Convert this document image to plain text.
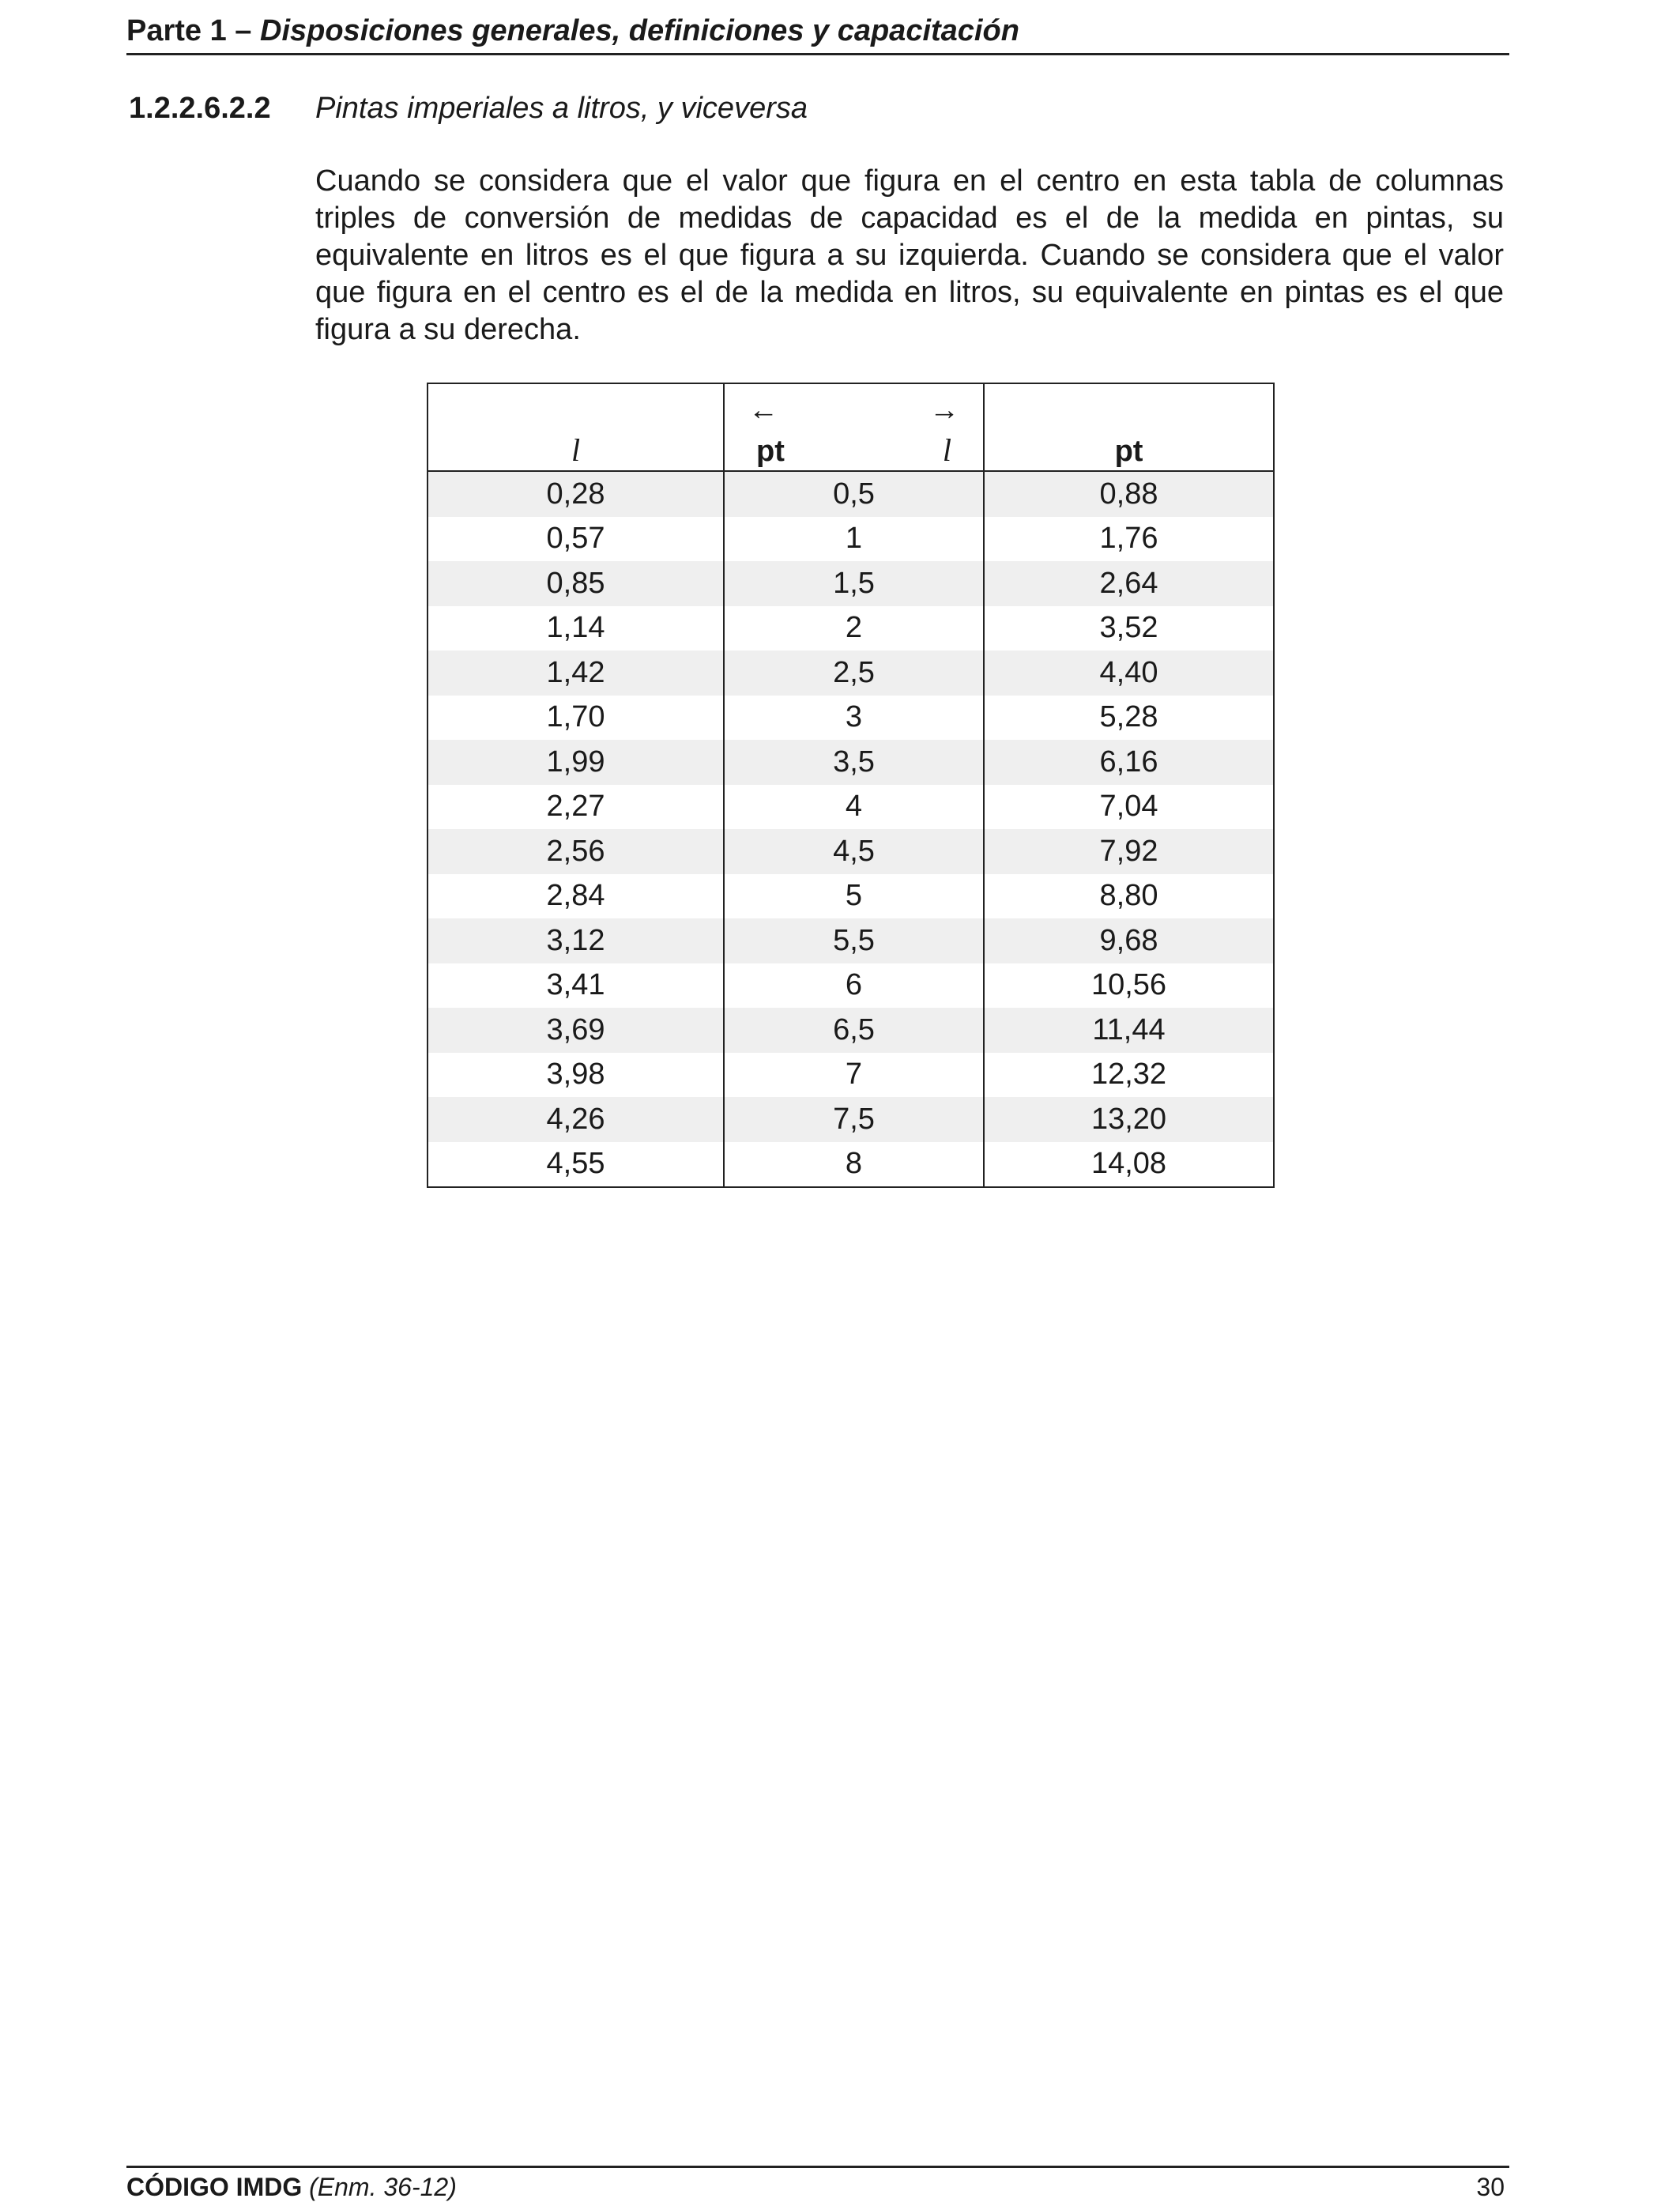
Parte 1 – Disposiciones generales, definiciones y capacitación
1.2.2.6.2.2 Pintas imperiales a litros, y viceversa
Cuando se considera que el valor que figura en el centro en esta tabla de columnas triples de conversión de medidas de capacidad es el de la medida en pintas, su equivalente en litros es el que figura a su izquierda. Cuando se considera que el valor que figura en el centro es el de la medida en litros, su equivalente en pintas es el que figura a su derecha.
l	← →
pt l	pt

0,28	0,5	0,88
0,57	1	1,76
0,85	1,5	2,64
1,14	2	3,52
1,42	2,5	4,40
1,70	3	5,28
1,99	3,5	6,16
2,27	4	7,04
2,56	4,5	7,92
2,84	5	8,80
3,12	5,5	9,68
3,41	6	10,56
3,69	6,5	11,44
3,98	7	12,32
4,26	7,5	13,20
4,55	8	14,08
CÓDIGO IMDG (Enm. 36-12)	30
